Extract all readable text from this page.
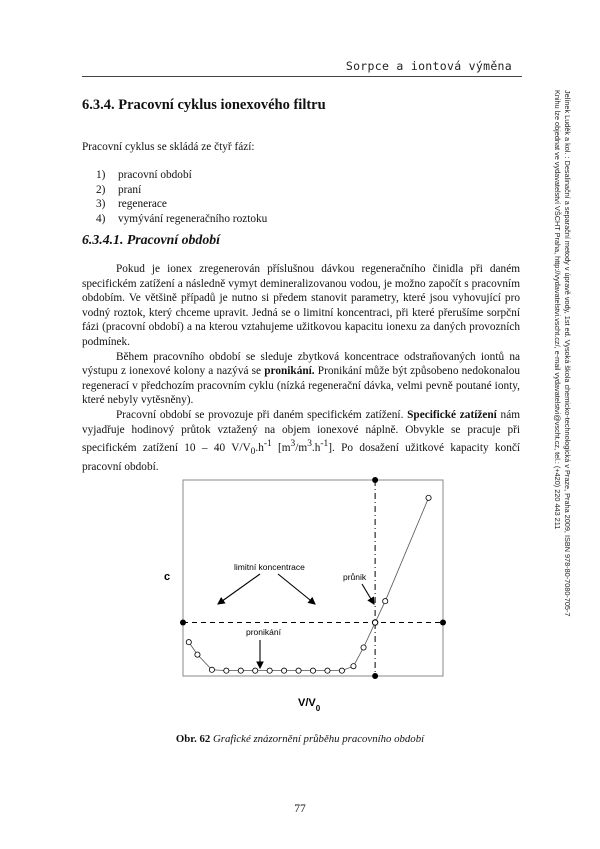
Sorpce a iontová výměna
6.3.4. Pracovní cyklus ionexového filtru
Pracovní cyklus se skládá ze čtyř fází:
1) pracovní období
2) praní
3) regenerace
4) vymývání regeneračního roztoku
6.3.4.1. Pracovní období

Pokud je ionex zregenerován příslušnou dávkou regeneračního činidla při daném specifickém zatížení a následně vymyt demineralizovanou vodou, je možno započít s pracovním obdobím. Ve většině případů je nutno si předem stanovit parametry, které jsou vyhovující pro vodný roztok, který chceme upravit. Jedná se o limitní koncentraci, při které přerušíme sorpční fázi (pracovní období) a na kterou vztahujeme užitkovou kapacitu ionexu za daných provozních podmínek.

Během pracovního období se sleduje zbytková koncentrace odstraňovaných iontů na výstupu z ionexové kolony a nazývá se pronikání. Pronikání může být způsobeno nedokonalou regenerací v předchozím pracovním cyklu (nízká regenerační dávka, velmi pevně poutané ionty, které nebyly vytěsněny).

Pracovní období se provozuje při daném specifickém zatížení. Specifické zatížení nám vyjadřuje hodinový průtok vztažený na objem ionexové náplně. Obvykle se pracuje při specifickém zatížení 10 – 40 $V/V_0.h^{-1}$ $[m^3/m^3.h^{-1}]$. Po dosažení užitkové kapacity končí pracovní období.

c
$V/V_0$
limitní koncentrace
pronikání
průnik
Obr. 62 Grafické znázornění průběhu pracovního období
77
Jelínek Luděk a kol. : Desalinační a separační metody v úpravě vody, 1st ed. Vysoká škola chemicko-technologická v Praze, Praha 2009, ISBN 978-80-7080-705-7
Knihu lze objednat ve vydavatelství VŠCHT Praha, http://vydavatelstvi.vscht.cz/, e-mail vydavatelstvi@vscht.cz, tel.: (+420) 220 443 211
